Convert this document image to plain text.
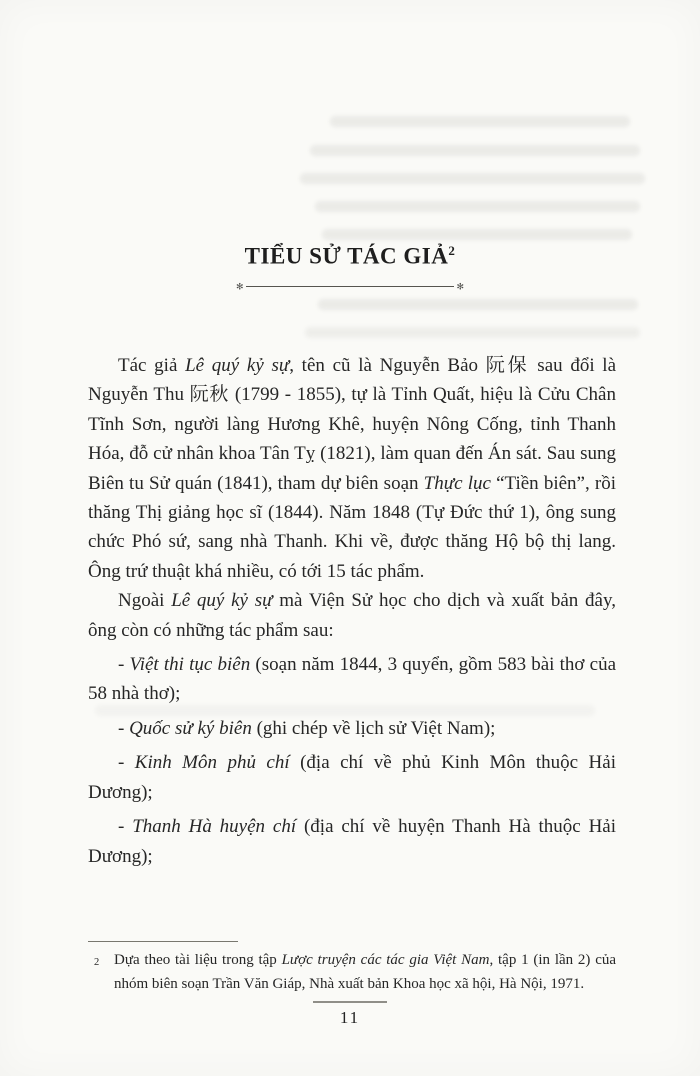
TIỂU SỬ TÁC GIẢ$^2$
✻	✻

Tác giả Lê quý kỷ sự, tên cũ là Nguyễn Bảo 阮保 sau đổi là Nguyễn Thu 阮秋 (1799 - 1855), tự là Tỉnh Quất, hiệu là Cửu Chân Tĩnh Sơn, người làng Hương Khê, huyện Nông Cống, tỉnh Thanh Hóa, đỗ cử nhân khoa Tân Tỵ (1821), làm quan đến Án sát. Sau sung Biên tu Sử quán (1841), tham dự biên soạn Thực lục “Tiền biên”, rồi thăng Thị giảng học sĩ (1844). Năm 1848 (Tự Đức thứ 1), ông sung chức Phó sứ, sang nhà Thanh. Khi về, được thăng Hộ bộ thị lang. Ông trứ thuật khá nhiều, có tới 15 tác phẩm.

Ngoài Lê quý kỷ sự mà Viện Sử học cho dịch và xuất bản đây, ông còn có những tác phẩm sau:

- Việt thi tục biên (soạn năm 1844, 3 quyển, gồm 583 bài thơ của 58 nhà thơ);

- Quốc sử ký biên (ghi chép về lịch sử Việt Nam);

- Kinh Môn phủ chí (địa chí về phủ Kinh Môn thuộc Hải Dương);

- Thanh Hà huyện chí (địa chí về huyện Thanh Hà thuộc Hải Dương);

2 Dựa theo tài liệu trong tập Lược truyện các tác gia Việt Nam, tập 1 (in lần 2) của nhóm biên soạn Trần Văn Giáp, Nhà xuất bản Khoa học xã hội, Hà Nội, 1971.
11
